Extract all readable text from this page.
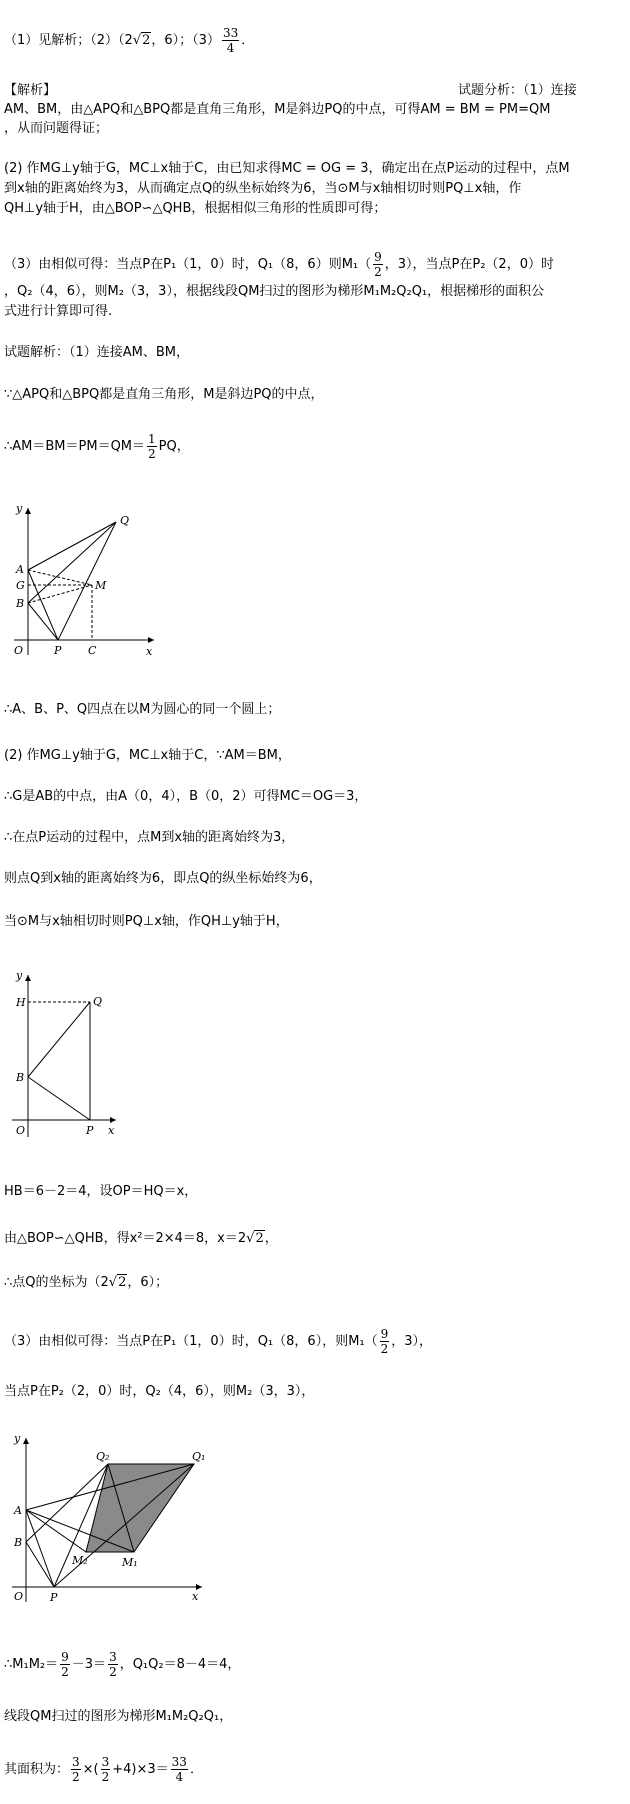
（1）见解析；（2）（2√2，6）；$(3) \frac{33}{4}$ ．
【解析】	试题分析：（1）连接
AM、BM，由△APQ和△BPQ都是直角三角形，M是斜边PQ的中点，可得AM = BM = PM=QM
，从而问题得证；
(2) 作MG⊥y轴于G，MC⊥x轴于C，由已知求得MC = OG = 3，确定出在点P运动的过程中，点M
到x轴的距离始终为3，从而确定点Q的纵坐标始终为6，当⊙M与x轴相切时则PQ⊥x轴，作
QH⊥y轴于H，由△BOP∽△QHB，根据相似三角形的性质即可得；
（3）由相似可得：当点P在P₁（1，0）时，Q₁（8，6）则$M_1( \frac{9}{2}$ ，3），当点P在P₂（2，0）时
，Q₂（4，6），则M₂（3，3），根据线段QM扫过的图形为梯形M₁M₂Q₂Q₁，根据梯形的面积公
式进行计算即可得.
试题解析：（1）连接AM、BM，
∵△APQ和△BPQ都是直角三角形，M是斜边PQ的中点，
∴AM＝BM＝PM＝QM＝ $\frac{1}{2}$ PQ，
y
x
O	P C
A
G
B
M
Q
∴A、B、P、Q四点在以M为圆心的同一个圆上；
(2) 作MG⊥y轴于G，MC⊥x轴于C，∵AM＝BM，
∴G是AB的中点，由A（0，4），B（0，2）可得MC＝OG＝3，
∴在点P运动的过程中，点M到x轴的距离始终为3，
则点Q到x轴的距离始终为6，即点Q的纵坐标始终为6，
当⊙M与x轴相切时则PQ⊥x轴，作QH⊥y轴于H，
y
x
O	P
H
B
Q
HB＝6－2＝4，设OP＝HQ＝x，
由△BOP∽△QHB，得x²＝2×4＝8，x＝2√2，
∴点Q的坐标为（2√2，6）；
（3）由相似可得：当点P在P₁（1，0）时，Q₁（8，6），则$M_1( \frac{9}{2}$ ，3），
当点P在P₂（2，0）时，Q₂（4，6），则M₂（3，3），
y
x
O P
A
B
Q₂	Q₁
M₂	M₁
∴M₁M₂＝ $\frac{9}{2} -3= \frac{3}{2}$ ，Q₁Q₂＝8－4＝4，
线段QM扫过的图形为梯形M₁M₂Q₂Q₁，
其面积为： $\frac{3}{2}$ ×( $\frac{3}{2} +4)\times 3= \frac{33}{4}$ ．
